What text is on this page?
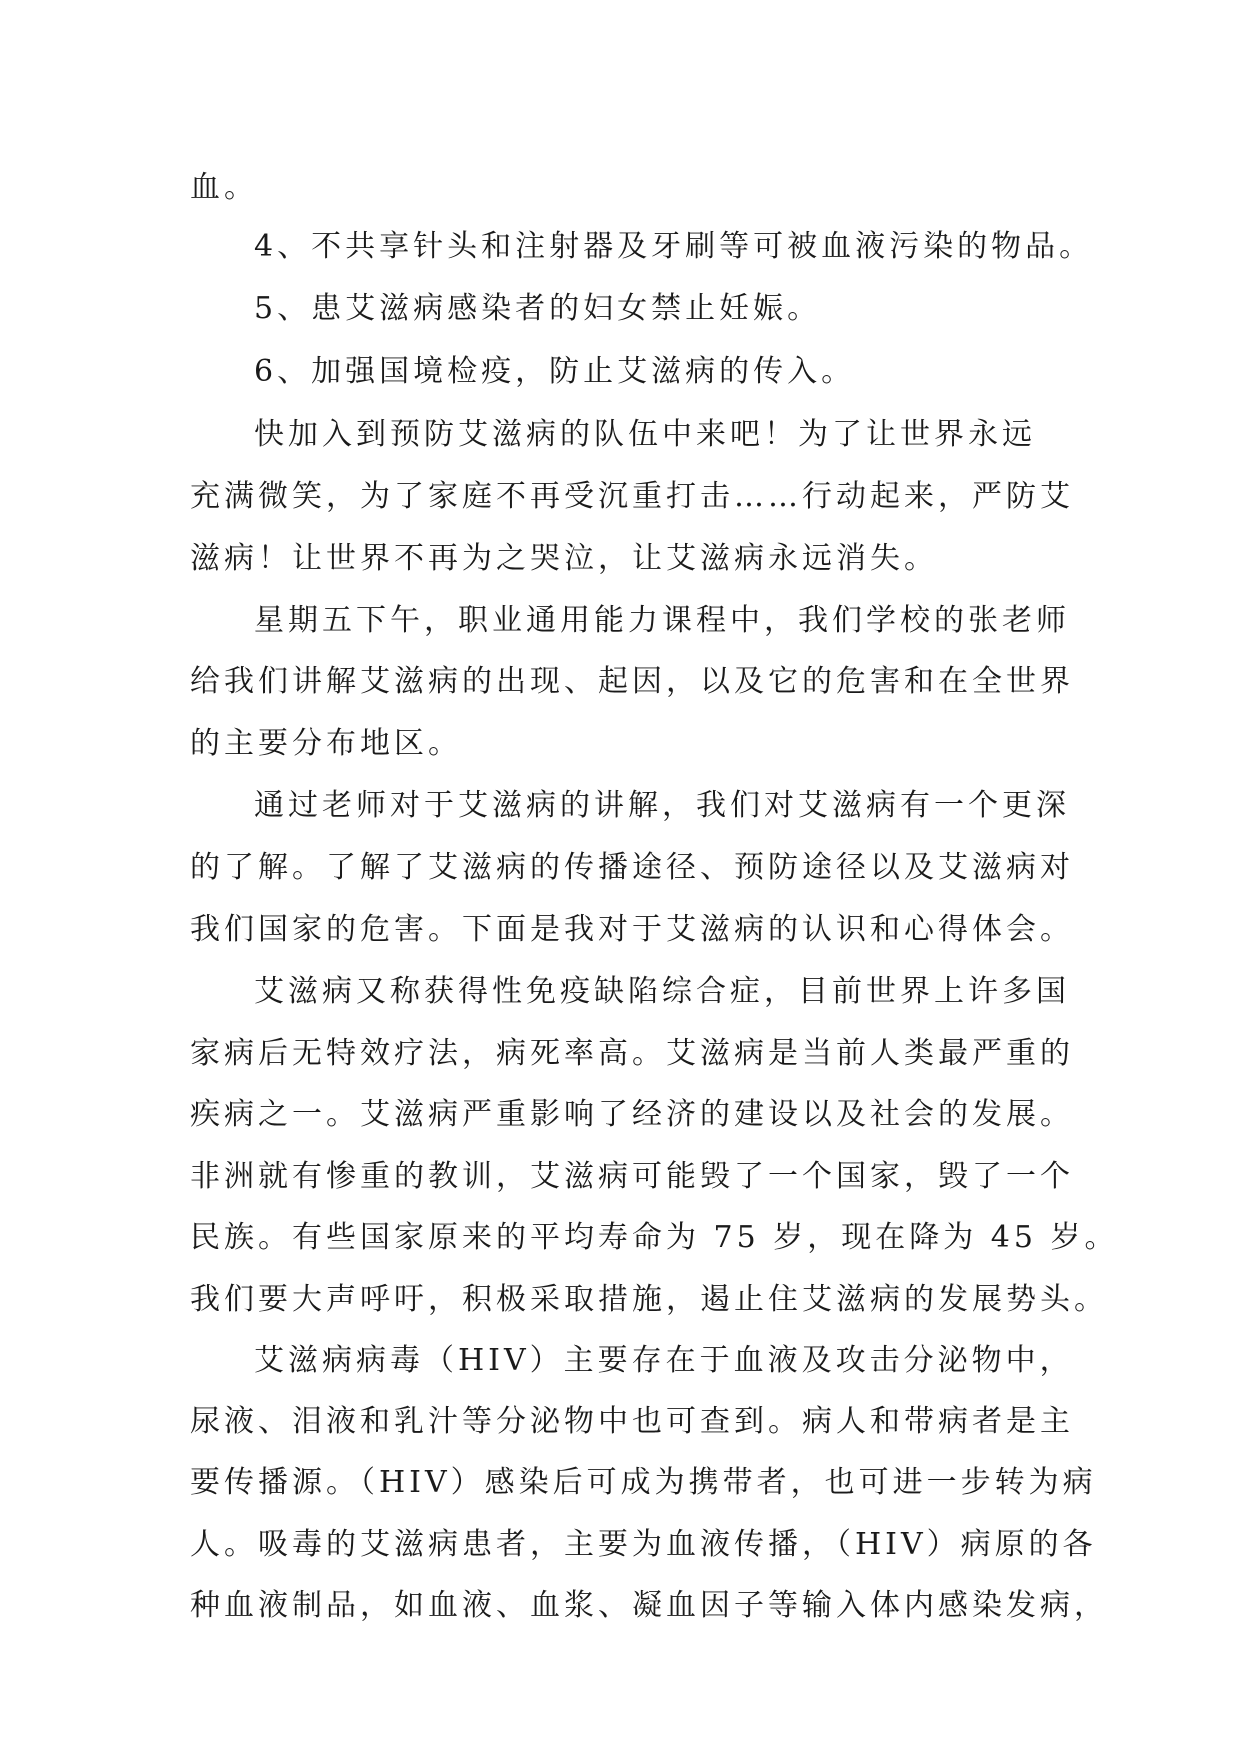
血。
4、不共享针头和注射器及牙刷等可被血液污染的物品。
5、患艾滋病感染者的妇女禁止妊娠。
6、加强国境检疫，防止艾滋病的传入。
快加入到预防艾滋病的队伍中来吧！为了让世界永远
充满微笑，为了家庭不再受沉重打击……行动起来，严防艾
滋病！让世界不再为之哭泣，让艾滋病永远消失。
星期五下午，职业通用能力课程中，我们学校的张老师
给我们讲解艾滋病的出现、起因，以及它的危害和在全世界
的主要分布地区。
通过老师对于艾滋病的讲解，我们对艾滋病有一个更深
的了解。了解了艾滋病的传播途径、预防途径以及艾滋病对
我们国家的危害。下面是我对于艾滋病的认识和心得体会。
艾滋病又称获得性免疫缺陷综合症，目前世界上许多国
家病后无特效疗法，病死率高。艾滋病是当前人类最严重的
疾病之一。艾滋病严重影响了经济的建设以及社会的发展。
非洲就有惨重的教训，艾滋病可能毁了一个国家，毁了一个
民族。有些国家原来的平均寿命为 75 岁，现在降为 45 岁。
我们要大声呼吁，积极采取措施，遏止住艾滋病的发展势头。
艾滋病病毒（HIV）主要存在于血液及攻击分泌物中，
尿液、泪液和乳汁等分泌物中也可查到。病人和带病者是主
要传播源。（HIV）感染后可成为携带者，也可进一步转为病
人。吸毒的艾滋病患者，主要为血液传播，（HIV）病原的各
种血液制品，如血液、血浆、凝血因子等输入体内感染发病，
